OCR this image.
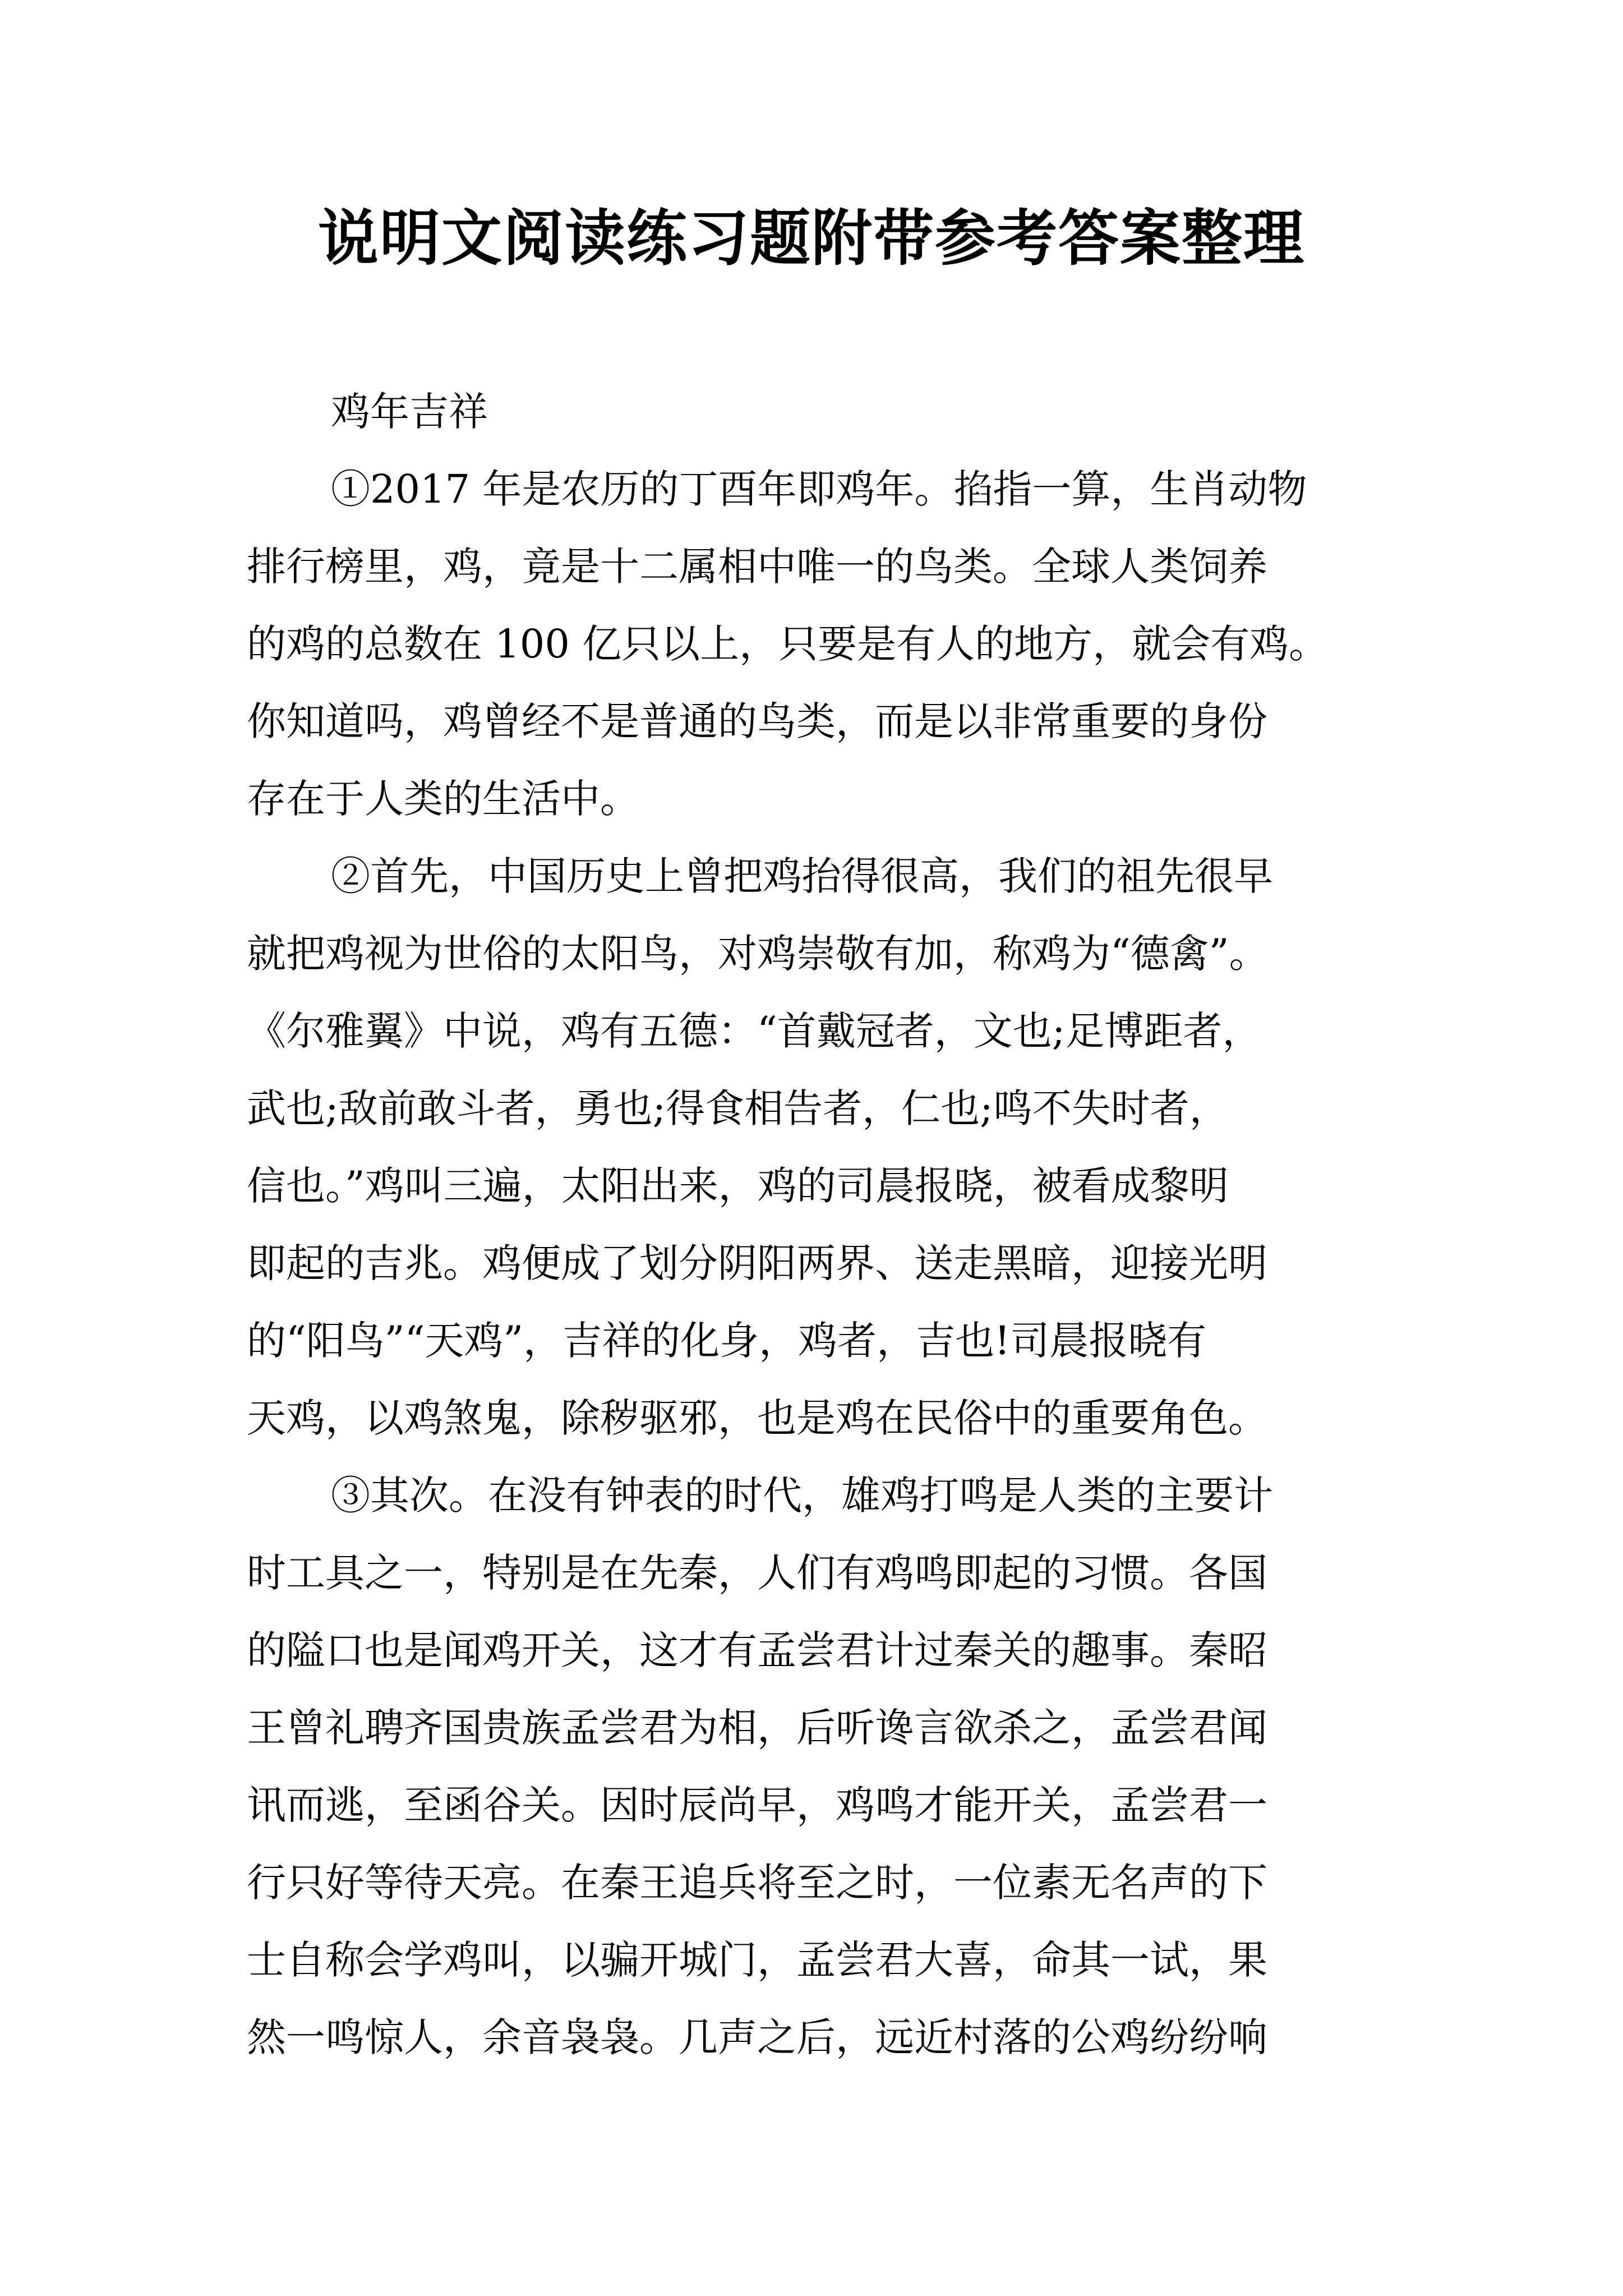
说明文阅读练习题附带参考答案整理
鸡年吉祥
①2017 年是农历的丁酉年即鸡年。掐指一算，生肖动物
排行榜里，鸡，竟是十二属相中唯一的鸟类。全球人类饲养
的鸡的总数在 100 亿只以上，只要是有人的地方，就会有鸡。
你知道吗，鸡曾经不是普通的鸟类，而是以非常重要的身份
存在于人类的生活中。
②首先，中国历史上曾把鸡抬得很高，我们的祖先很早
就把鸡视为世俗的太阳鸟，对鸡崇敬有加，称鸡为“德禽”。
《尔雅翼》中说，鸡有五德：“首戴冠者，文也;足博距者，
武也;敌前敢斗者，勇也;得食相告者，仁也;鸣不失时者，
信也。”鸡叫三遍，太阳出来，鸡的司晨报晓，被看成黎明
即起的吉兆。鸡便成了划分阴阳两界、送走黑暗，迎接光明
的“阳鸟”“天鸡”，吉祥的化身，鸡者，吉也!司晨报晓有
天鸡，以鸡煞鬼，除秽驱邪，也是鸡在民俗中的重要角色。
③其次。在没有钟表的时代，雄鸡打鸣是人类的主要计
时工具之一，特别是在先秦，人们有鸡鸣即起的习惯。各国
的隘口也是闻鸡开关，这才有孟尝君计过秦关的趣事。秦昭
王曾礼聘齐国贵族孟尝君为相，后听谗言欲杀之，孟尝君闻
讯而逃，至函谷关。因时辰尚早，鸡鸣才能开关，孟尝君一
行只好等待天亮。在秦王追兵将至之时，一位素无名声的下
士自称会学鸡叫，以骗开城门，孟尝君大喜，命其一试，果
然一鸣惊人，余音袅袅。几声之后，远近村落的公鸡纷纷响
